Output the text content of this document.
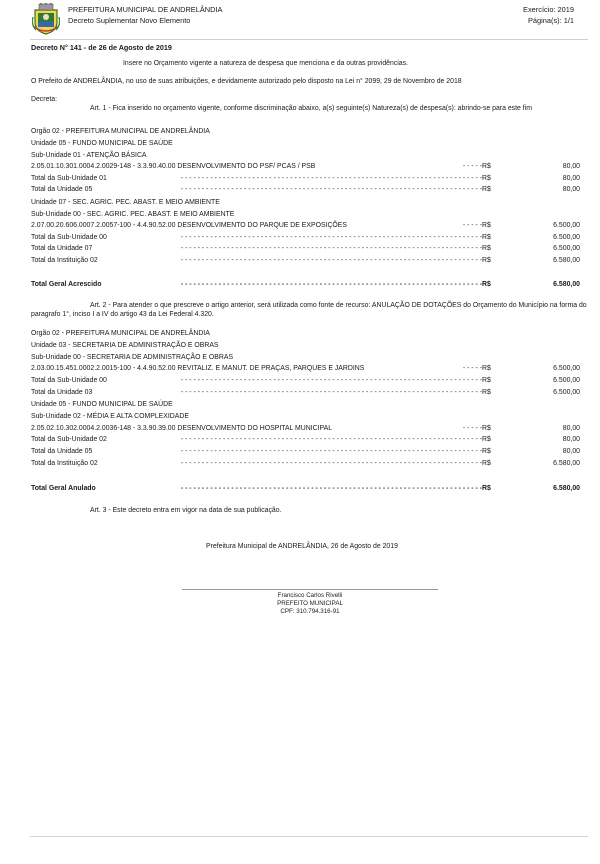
PREFEITURA MUNICIPAL DE ANDRELÂNDIA
Decreto Suplementar Novo Elemento
Exercício: 2019
Página(s): 1/1
Decreto N° 141 - de 26 de Agosto de 2019
Insere no Orçamento vigente a natureza de despesa que menciona e da outras providências.
O Prefeito de ANDRELÂNDIA, no uso de suas atribuições, e devidamente autorizado pelo disposto na Lei n° 2099, 29 de Novembro de 2018
Decreta:
Art. 1 - Fica inserido no orçamento vigente, conforme discriminação abaixo, a(s) seguinte(s) Natureza(s) de despesa(s): abrindo-se para este fim
Orgão 02 - PREFEITURA MUNICIPAL DE ANDRELÂNDIA
Unidade 05 - FUNDO MUNICIPAL DE SAÚDE
Sub-Unidade 01 - ATENÇÃO BÁSICA
2.05.01.10.301.0004.2.0029-148 - 3.3.90.40.00 DESENVOLVIMENTO DO PSF/ PCAS / PSB	- - - - - R$	80,00
Total da Sub-Unidade 01	- - - - - - - - - - - - - - - - - - - - - - - - - - - - - - - - - - - - - - - - - - - - - - - - - - - - - - - - - - - - - - - - - - - - - - - - R$	80,00
Total da Unidade 05	- - - - - - - - - - - - - - - - - - - - - - - - - - - - - - - - - - - - - - - - - - - - - - - - - - - - - - - - - - - - - - - - - - - - - - - - R$	80,00
Unidade 07 - SEC. AGRIC. PEC. ABAST. E MEIO AMBIENTE
Sub-Unidade 00 - SEC. AGRIC. PEC. ABAST. E MEIO AMBIENTE
2.07.00.20.606.0007.2.0057-100 - 4.4.90.52.00 DESENVOLVIMENTO DO PARQUE DE EXPOSIÇÕES	- - - - - R$	6.500,00
Total da Sub-Unidade 00	- - - - - - - - - - - - - - - - - - - - - - - - - - - - - - - - - - - - - - - - - - - - - - - - - - - - - - - - - - - - - - - - - - - - - - - - R$	6.500,00
Total da Unidade 07	- - - - - - - - - - - - - - - - - - - - - - - - - - - - - - - - - - - - - - - - - - - - - - - - - - - - - - - - - - - - - - - - - - - - - - - - R$	6.500,00
Total da Instituição 02	- - - - - - - - - - - - - - - - - - - - - - - - - - - - - - - - - - - - - - - - - - - - - - - - - - - - - - - - - - - - - - - - - - - - - - - - R$	6.580,00
Total Geral Acrescido	- - - - - - - - - - - - - - - - - - - - - - - - - - - - - - - - - - - - - - - - - - - - - - - - - - - - - - - - - - - - - - - - - - - - - - - - R$	6.580,00
Art. 2 - Para atender o que prescreve o artigo anterior, será utilizada como fonte de recurso: ANULAÇÃO DE DOTAÇÕES do Orçamento do Município na forma do paragrafo 1°, inciso I a IV do artigo 43 da Lei Federal 4.320.
Orgão 02 - PREFEITURA MUNICIPAL DE ANDRELÂNDIA
Unidade 03 - SECRETARIA DE ADMINISTRAÇÃO E OBRAS
Sub-Unidade 00 - SECRETARIA DE ADMINISTRAÇÃO E OBRAS
2.03.00.15.451.0002.2.0015-100 - 4.4.90.52.00 REVITALIZ. E MANUT. DE PRAÇAS, PARQUES E JARDINS	- - - - - R$	6.500,00
Total da Sub-Unidade 00	- - - - - - - - - - - - - - - - - - - - - - - - - - - - - - - - - - - - - - - - - - - - - - - - - - - - - - - - - - - - - - - - - - - - - - - - R$	6.500,00
Total da Unidade 03	- - - - - - - - - - - - - - - - - - - - - - - - - - - - - - - - - - - - - - - - - - - - - - - - - - - - - - - - - - - - - - - - - - - - - - - - R$	6.500,00
Unidade 05 - FUNDO MUNICIPAL DE SAÚDE
Sub-Unidade 02 - MÉDIA E ALTA COMPLEXIDADE
2.05.02.10.302.0004.2.0036-148 - 3.3.90.39.00 DESENVOLVIMENTO DO HOSPITAL MUNICIPAL	- - - - - R$	80,00
Total da Sub-Unidade 02	- - - - - - - - - - - - - - - - - - - - - - - - - - - - - - - - - - - - - - - - - - - - - - - - - - - - - - - - - - - - - - - - - - - - - - - - R$	80,00
Total da Unidade 05	- - - - - - - - - - - - - - - - - - - - - - - - - - - - - - - - - - - - - - - - - - - - - - - - - - - - - - - - - - - - - - - - - - - - - - - - R$	80,00
Total da Instituição 02	- - - - - - - - - - - - - - - - - - - - - - - - - - - - - - - - - - - - - - - - - - - - - - - - - - - - - - - - - - - - - - - - - - - - - - - - R$	6.580,00
Total Geral Anulado	- - - - - - - - - - - - - - - - - - - - - - - - - - - - - - - - - - - - - - - - - - - - - - - - - - - - - - - - - - - - - - - - - - - - - - - - R$	6.580,00
Art. 3 - Este decreto entra em vigor na data de sua publicação.
Prefeitura Municipal de ANDRELÂNDIA, 26 de Agosto de 2019
Francisco Carlos Rivelli
PREFEITO MUNICIPAL
CPF: 310.794.316-91
